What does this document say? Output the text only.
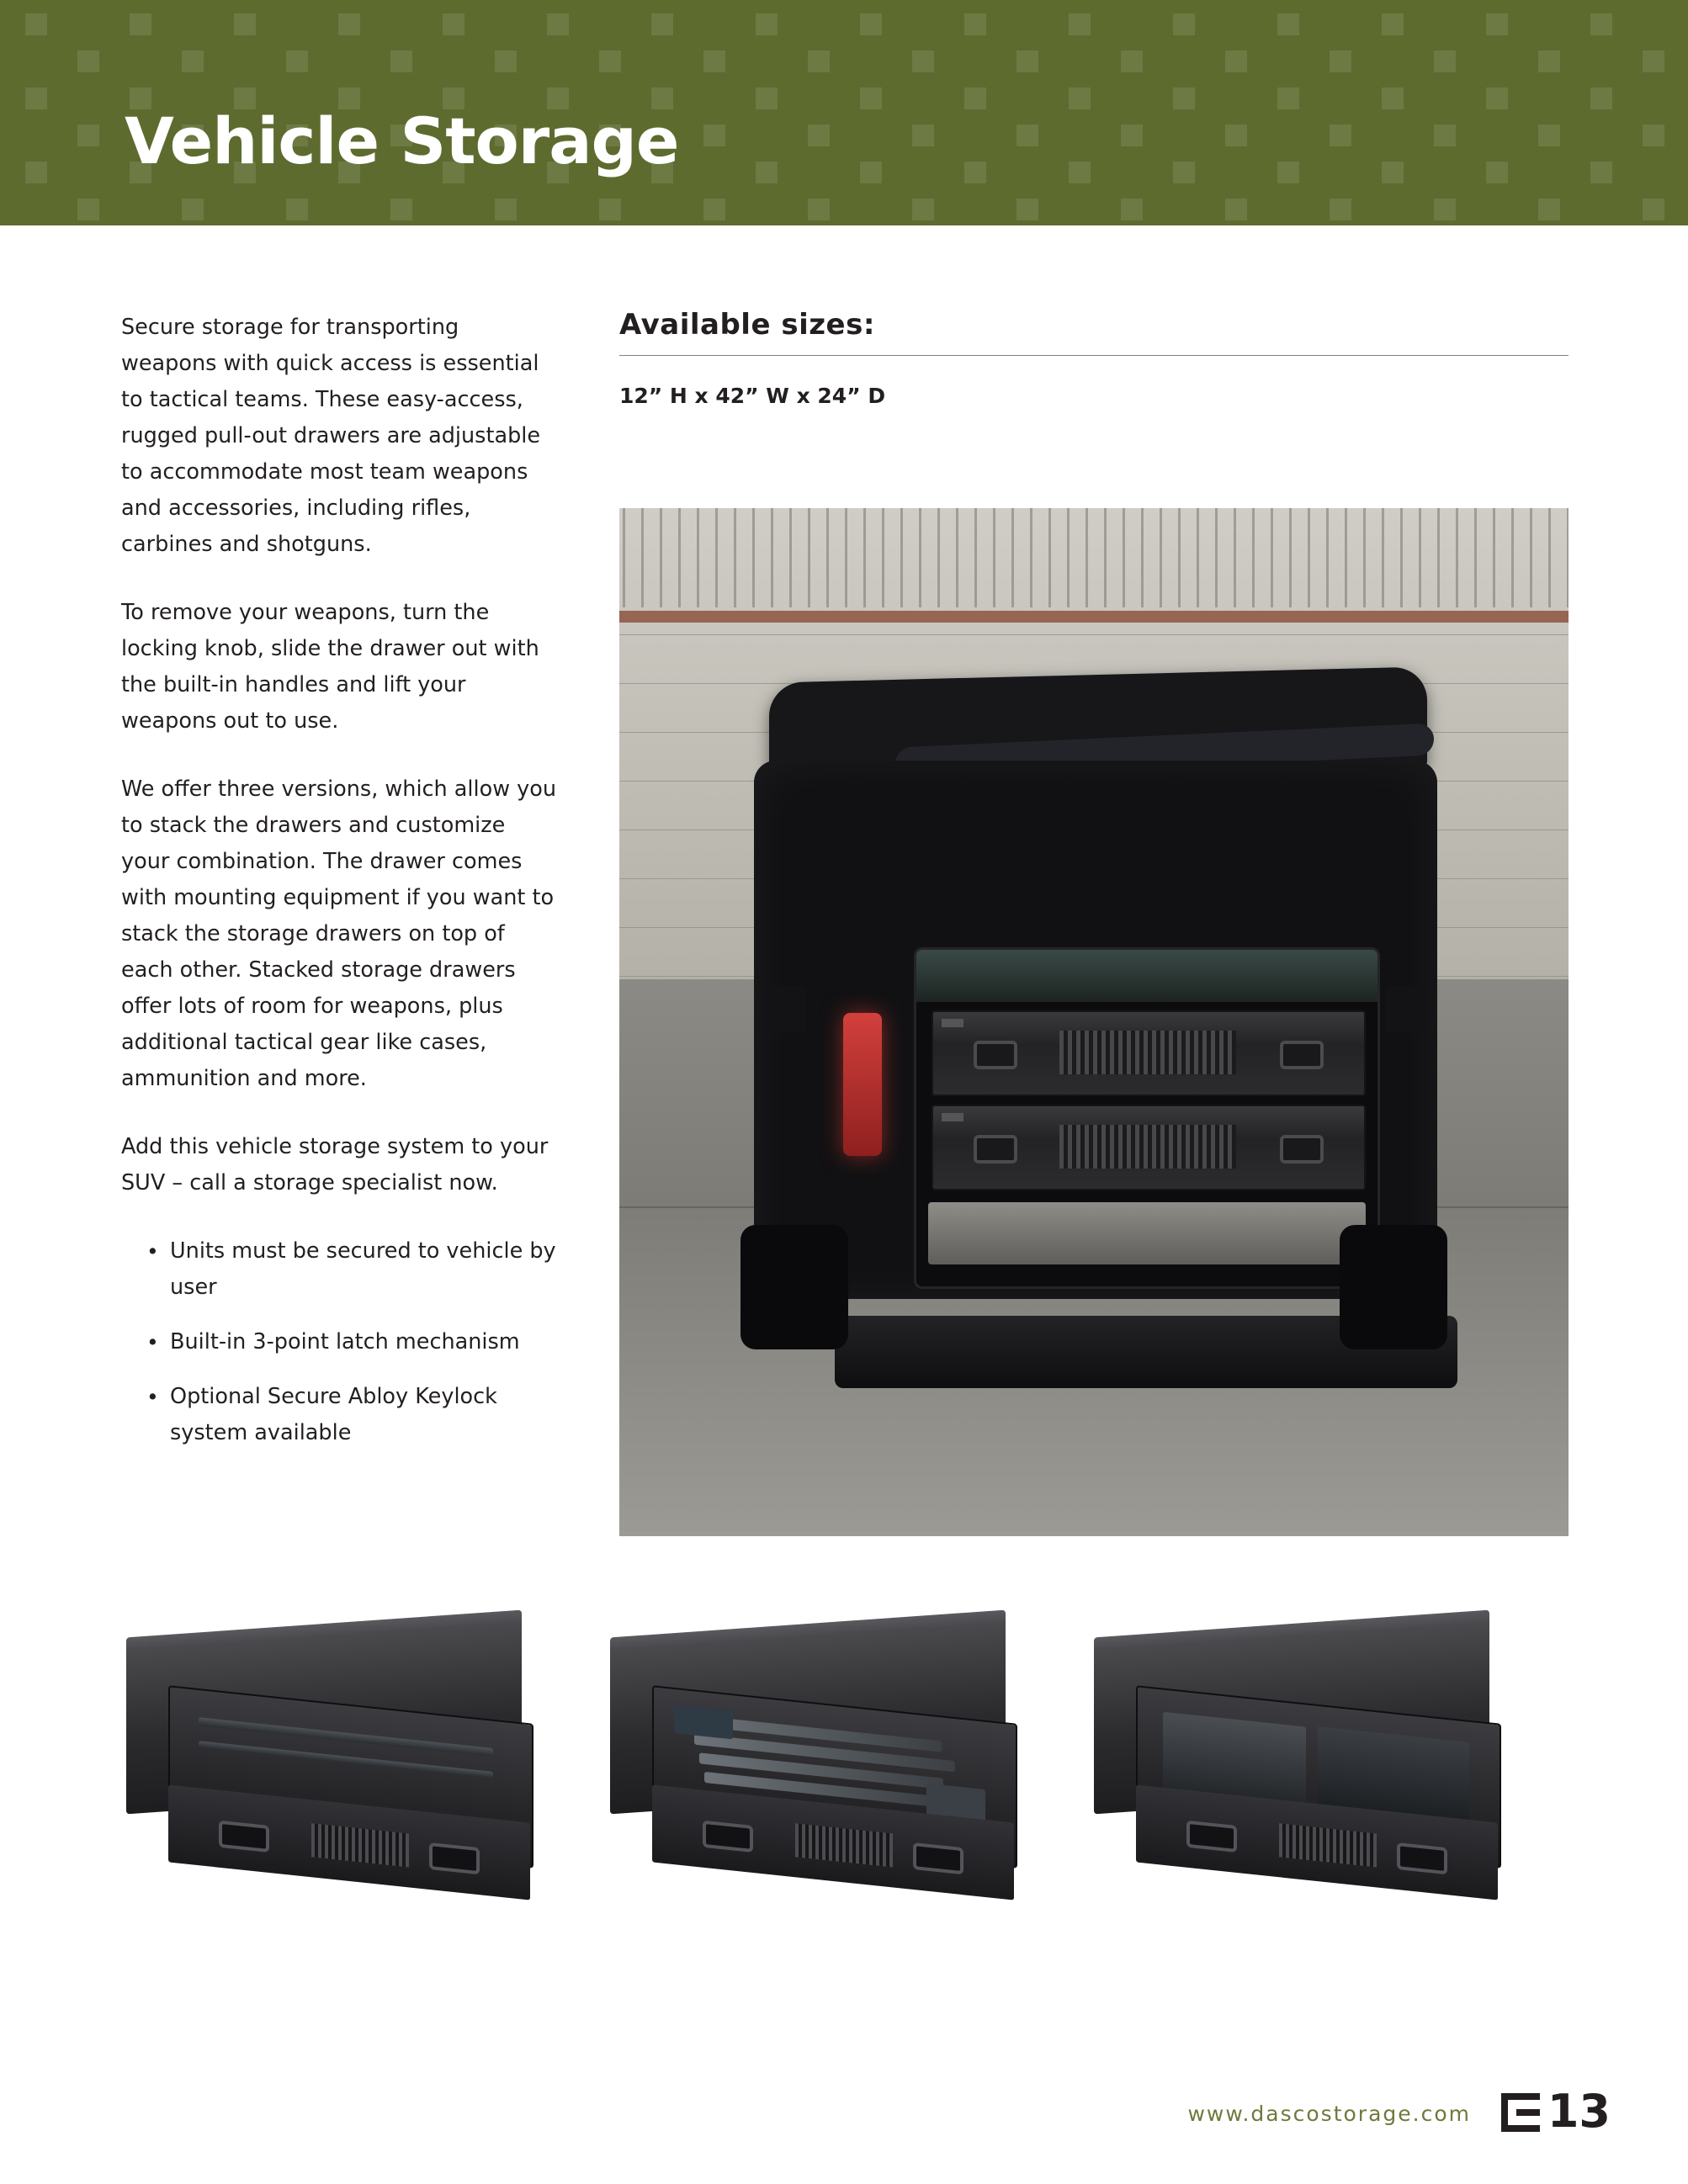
Vehicle Storage

Secure storage for transporting weapons with quick access is essential to tactical teams. These easy-access, rugged pull-out drawers are adjustable to accommodate most team weapons and accessories, including rifles, carbines and shotguns.

To remove your weapons, turn the locking knob, slide the drawer out with the built-in handles and lift your weapons out to use.

We offer three versions, which allow you to stack the drawers and customize your combination. The drawer comes with mounting equipment if you want to stack the storage drawers on top of each other. Stacked storage drawers offer lots of room for weapons, plus additional tactical gear like cases, ammunition and more.

Add this vehicle storage system to your SUV – call a storage specialist now.

• Units must be secured to vehicle by user
• Built-in 3-point latch mechanism
• Optional Secure Abloy Keylock system available
Available sizes:
12” H x 42” W x 24” D
www.dascostorage.com 13
